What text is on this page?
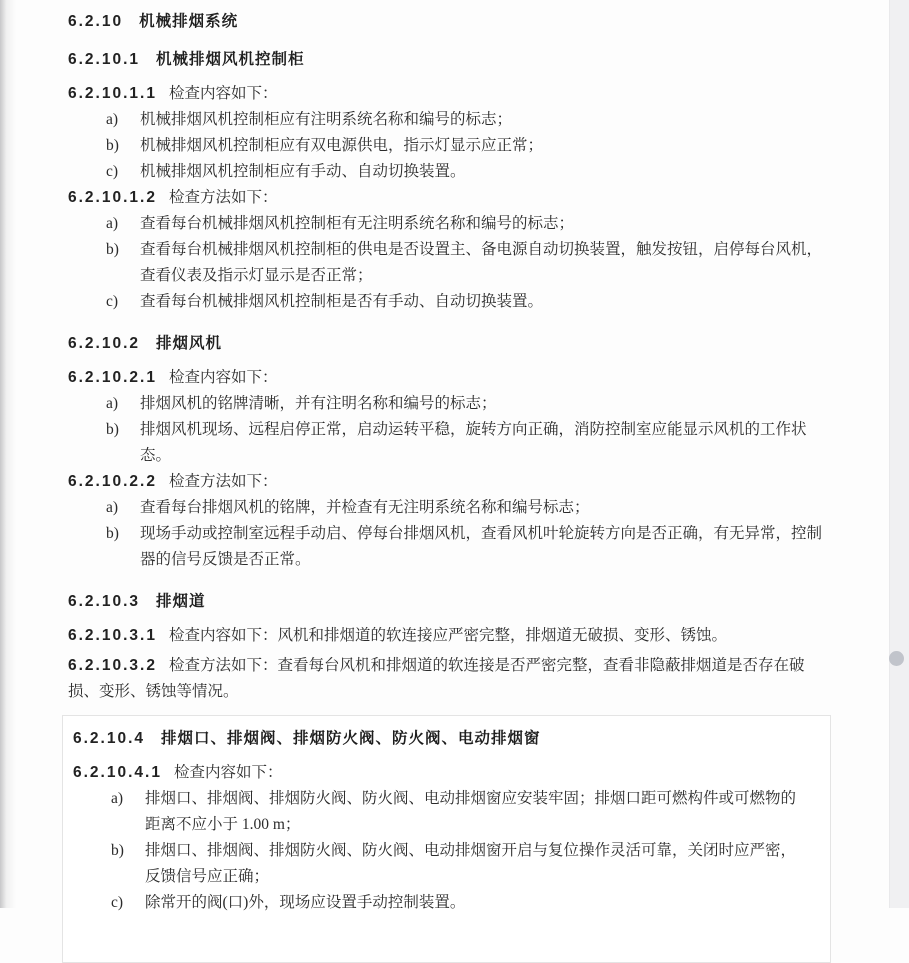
6.2.10 机械排烟系统
6.2.10.1 机械排烟风机控制柜
6.2.10.1.1 检查内容如下：
a)	机械排烟风机控制柜应有注明系统名称和编号的标志；
b)	机械排烟风机控制柜应有双电源供电，指示灯显示应正常；
c)	机械排烟风机控制柜应有手动、自动切换装置。
6.2.10.1.2 检查方法如下：
a)	查看每台机械排烟风机控制柜有无注明系统名称和编号的标志；
b)	查看每台机械排烟风机控制柜的供电是否设置主、备电源自动切换装置，触发按钮，启停每台风机，查看仪表及指示灯显示是否正常；
c)	查看每台机械排烟风机控制柜是否有手动、自动切换装置。
6.2.10.2 排烟风机
6.2.10.2.1 检查内容如下：
a)	排烟风机的铭牌清晰，并有注明名称和编号的标志；
b)	排烟风机现场、远程启停正常，启动运转平稳，旋转方向正确，消防控制室应能显示风机的工作状态。
6.2.10.2.2 检查方法如下：
a)	查看每台排烟风机的铭牌，并检查有无注明系统名称和编号标志；
b)	现场手动或控制室远程手动启、停每台排烟风机，查看风机叶轮旋转方向是否正确，有无异常，控制器的信号反馈是否正常。
6.2.10.3 排烟道
6.2.10.3.1 检查内容如下：风机和排烟道的软连接应严密完整，排烟道无破损、变形、锈蚀。
6.2.10.3.2 检查方法如下：查看每台风机和排烟道的软连接是否严密完整，查看非隐蔽排烟道是否存在破损、变形、锈蚀等情况。
6.2.10.4 排烟口、排烟阀、排烟防火阀、防火阀、电动排烟窗
6.2.10.4.1 检查内容如下：
a)	排烟口、排烟阀、排烟防火阀、防火阀、电动排烟窗应安装牢固；排烟口距可燃构件或可燃物的距离不应小于 1.00 m；
b)	排烟口、排烟阀、排烟防火阀、防火阀、电动排烟窗开启与复位操作灵活可靠，关闭时应严密，反馈信号应正确；
c)	除常开的阀(口)外，现场应设置手动控制装置。
